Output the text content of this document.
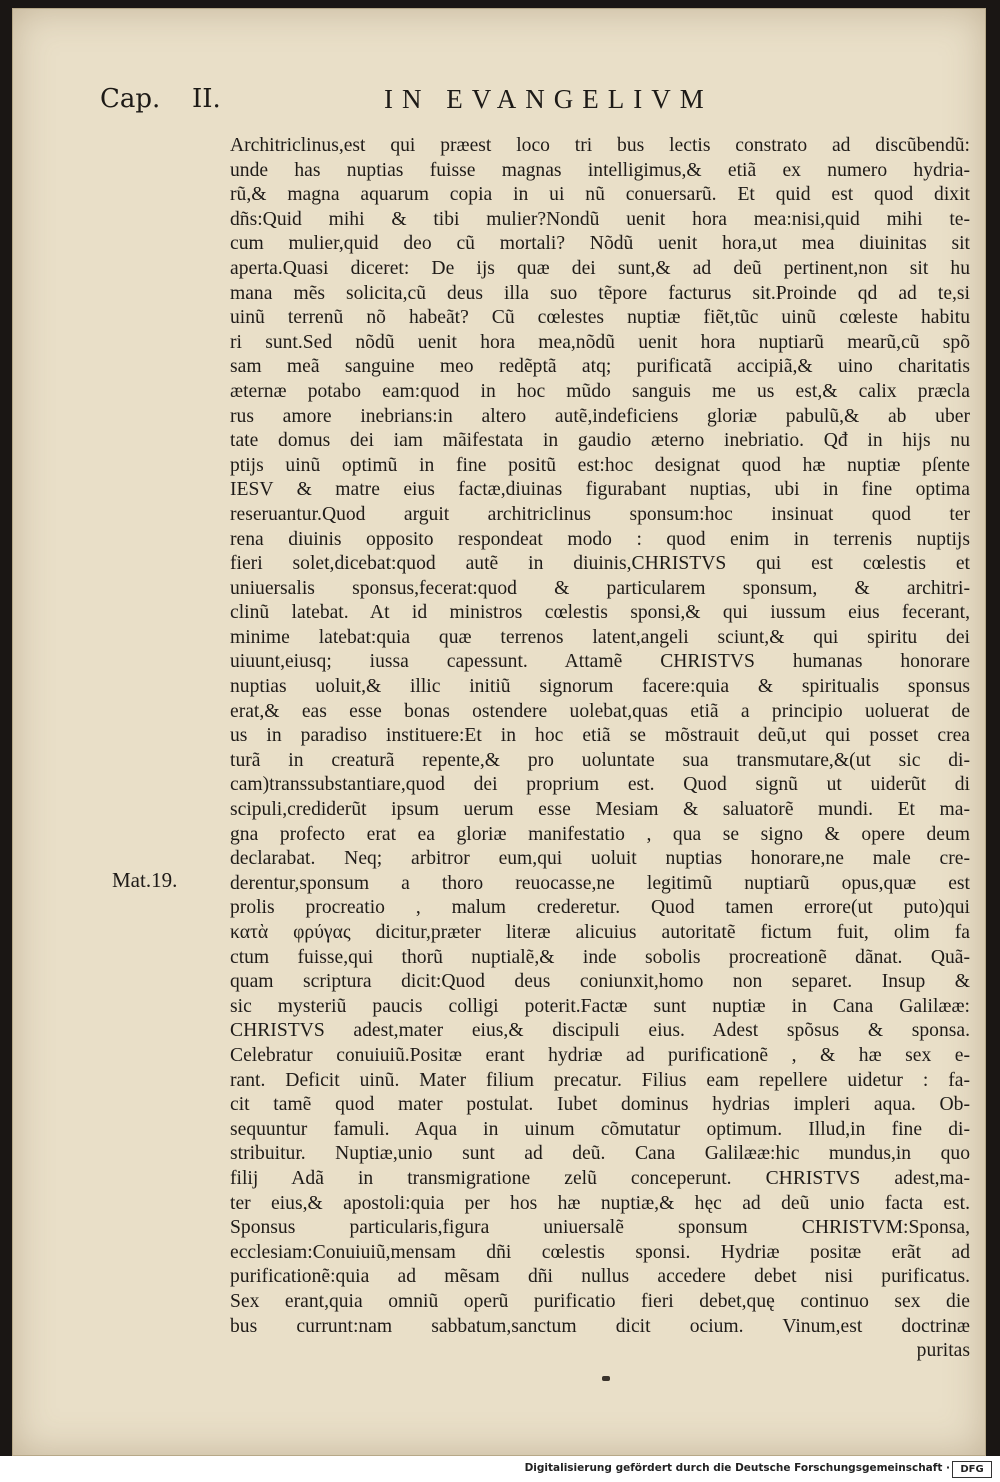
Cap. II.	IN EVANGELIVM
Mat.19.
Architriclinus,est qui præest loco tri bus lectis constrato ad discũbendũ:
unde has nuptias fuisse magnas intelligimus,& etiã ex numero hydria-
rũ,& magna aquarum copia in ui nũ conuersarũ. Et quid est quod dixit
dñs:Quid mihi & tibi mulier?Nondũ uenit hora mea:nisi,quid mihi te-
cum mulier,quid deo cũ mortali? Nõdũ uenit hora,ut mea diuinitas sit
aperta.Quasi diceret: De ijs quæ dei sunt,& ad deũ pertinent,non sit hu
mana mẽs solicita,cũ deus illa suo tẽpore facturus sit.Proinde qd ad te,si
uinũ terrenũ nõ habeãt? Cũ cœlestes nuptiæ fiẽt,tũc uinũ cœleste habitu
ri sunt.Sed nõdũ uenit hora mea,nõdũ uenit hora nuptiarũ mearũ,cũ spõ
sam meã sanguine meo redẽptã atq; purificatã accipiã,& uino charitatis
æternæ potabo eam:quod in hoc mũdo sanguis me us est,& calix præcla
rus amore inebrians:in altero autẽ,indeficiens gloriæ pabulũ,& ab uber
tate domus dei iam mãifestata in gaudio æterno inebriatio. Qđ in hijs nu
ptijs uinũ optimũ in fine positũ est:hoc designat quod hæ nuptiæ pſente
IESV & matre eius factæ,diuinas figurabant nuptias, ubi in fine optima
reseruantur.Quod arguit architriclinus sponsum:hoc insinuat quod ter
rena diuinis opposito respondeat modo : quod enim in terrenis nuptijs
fieri solet,dicebat:quod autẽ in diuinis,CHRISTVS qui est cœlestis et
uniuersalis sponsus,fecerat:quod & particularem sponsum, & architri-
clinũ latebat. At id ministros cœlestis sponsi,& qui iussum eius fecerant,
minime latebat:quia quæ terrenos latent,angeli sciunt,& qui spiritu dei
uiuunt,eiusq; iussa capessunt. Attamẽ CHRISTVS humanas honorare
nuptias uoluit,& illic initiũ signorum facere:quia & spiritualis sponsus
erat,& eas esse bonas ostendere uolebat,quas etiã a principio uoluerat de
us in paradiso instituere:Et in hoc etiã se mõstrauit deũ,ut qui posset crea
turã in creaturã repente,& pro uoluntate sua transmutare,&(ut sic di-
cam)transsubstantiare,quod dei proprium est. Quod signũ ut uiderũt di
scipuli,crediderũt ipsum uerum esse Mesiam & saluatorẽ mundi. Et ma-
gna profecto erat ea gloriæ manifestatio , qua se signo & opere deum
declarabat. Neq; arbitror eum,qui uoluit nuptias honorare,ne male cre-
derentur,sponsum a thoro reuocasse,ne legitimũ nuptiarũ opus,quæ est
prolis procreatio , malum crederetur. Quod tamen errore(ut puto)qui
κατὰ φρύγας dicitur,præter literæ alicuius autoritatẽ fictum fuit, olim fa
ctum fuisse,qui thorũ nuptialẽ,& inde sobolis procreationẽ dãnat. Quã-
quam scriptura dicit:Quod deus coniunxit,homo non separet. Insup &
sic mysteriũ paucis colligi poterit.Factæ sunt nuptiæ in Cana Galilææ:
CHRISTVS adest,mater eius,& discipuli eius. Adest spõsus & sponsa.
Celebratur conuiuiũ.Positæ erant hydriæ ad purificationẽ , & hæ sex e-
rant. Deficit uinũ. Mater filium precatur. Filius eam repellere uidetur : fa-
cit tamẽ quod mater postulat. Iubet dominus hydrias impleri aqua. Ob-
sequuntur famuli. Aqua in uinum cõmutatur optimum. Illud,in fine di-
stribuitur. Nuptiæ,unio sunt ad deũ. Cana Galilææ:hic mundus,in quo
filij Adã in transmigratione zelũ conceperunt. CHRISTVS adest,ma-
ter eius,& apostoli:quia per hos hæ nuptiæ,& hęc ad deũ unio facta est.
Sponsus particularis,figura uniuersalẽ sponsum CHRISTVM:Sponsa,
ecclesiam:Conuiuiũ,mensam dñi cœlestis sponsi. Hydriæ positæ erãt ad
purificationẽ:quia ad mẽsam dñi nullus accedere debet nisi purificatus.
Sex erant,quia omniũ operũ purificatio fieri debet,quę continuo sex die
bus currunt:nam sabbatum,sanctum dicit ocium. Vinum,est doctrinæ
puritas
Digitalisierung gefördert durch die Deutsche Forschungsgemeinschaft ·	DFG
